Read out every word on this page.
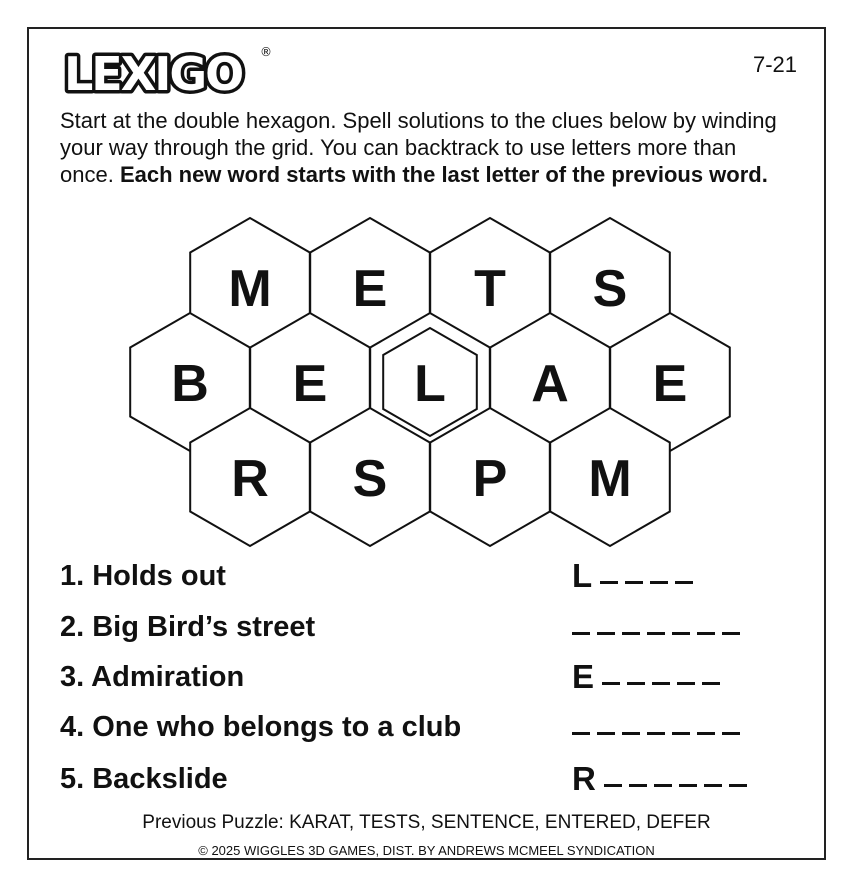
LEXIGO ®	7-21
Start at the double hexagon. Spell solutions to the clues below by winding your way through the grid. You can backtrack to use letters more than once. Each new word starts with the last letter of the previous word.
M E T S
B E L A E
R S P M
1. Holds out	L
2. Big Bird’s street
3. Admiration	E
4. One who belongs to a club
5. Backslide	R
Previous Puzzle: KARAT, TESTS, SENTENCE, ENTERED, DEFER
© 2025 WIGGLES 3D GAMES, DIST. BY ANDREWS MCMEEL SYNDICATION
